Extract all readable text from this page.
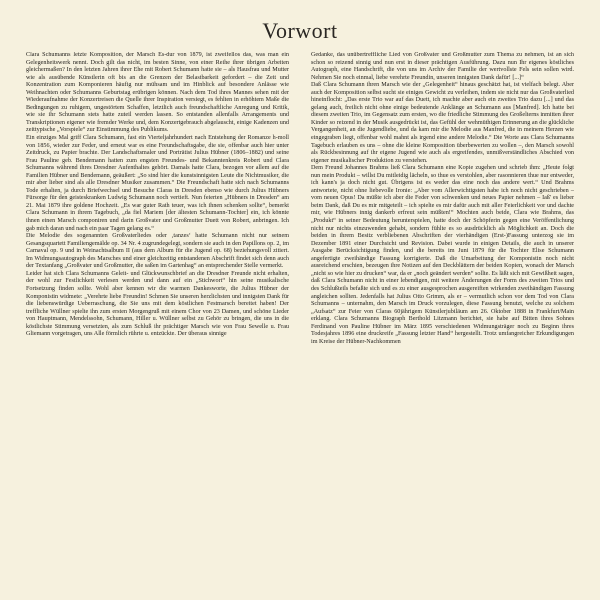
Vorwort

Clara Schumanns letzte Komposition, der Marsch Es-dur von 1879, ist zweifellos das, was man ein Gelegenheitswerk nennt. Doch gilt das nicht, im besten Sinne, von einer Reihe ihrer übrigen Arbeiten gleichermaßen? In den letzten Jahren ihrer Ehe mit Robert Schumann hatte sie – als Hausfrau und Mutter wie als ausübende Künstlerin oft bis an die Grenzen der Belastbarkeit gefordert – die Zeit und Konzentration zum Komponieren häufig nur mühsam und im Hinblick auf besondere Anlässe wie Weihnachten oder Schumanns Geburtstag erübrigen können. Nach dem Tod ihres Mannes sehen mit der Wiederaufnahme der Konzertreisen die Quelle ihrer Inspiration versiegt, es fehlten in erhöhtem Maße die Bedingungen zu ruhigem, ungestörtem Schaffen, letztlich auch freundschaftliche Anregung und Kritik, wie sie ihr Schumann stets hatte zuteil werden lassen. So entstanden allenfalls Arrangements und Transkriptionen eigener wie fremder Werke und, dem Konzertgebrauch abgelauscht, einige Kadenzen und zeittypische „Vorspiele“ zur Einstimmung des Publikums.

Ein einziges Mal griff Clara Schumann, fast ein Vierteljahrhundert nach Entstehung der Romanze h-moll von 1856, wieder zur Feder, und erneut war es eine Freundschaftsgabe, die sie, offenbar auch hier unter Zeitdruck, zu Papier brachte. Der Landschaftsmaler und Porträtist Julius Hübner (1806–1882) und seine Frau Pauline geb. Bendemann hatten zum engsten Freundes- und Bekanntenkreis Robert und Clara Schumanns während ihres Dresdner Aufenthaltes gehört. Damals hatte Clara, bezogen vor allem auf die Familien Hübner und Bendemann, geäußert: „So sind hier die kunstsinnigsten Leute die Nichtmusiker, die mir aber lieber sind als alle Dresdner Musiker zusammen.“ Die Freundschaft hatte sich nach Schumanns Tode erhalten, ja durch Briefwechsel und Besuche Claras in Dresden ebenso wie durch Julius Hübners Fürsorge für den geisteskranken Ludwig Schumann noch vertieft. Nun feierten „Hübners in Dresden“ am 21. Mai 1879 ihre goldene Hochzeit. „Es war guter Rath teuer, was ich ihnen schenken sollte“, bemerkt Clara Schumann in ihrem Tagebuch, „da fiel Mariem [der ältesten Schumann-Tochter] ein, ich könnte ihnen einen Marsch componiren und darin Großvater und Großmutter Duett von Robert, anbringen. Ich gab mich daran und nach ein paar Tagen gelang es.“

Die Melodie des sogenannten Großvaterliedes oder ‚tanzes‘ hatte Schumann nicht nur seinem Gesangsquartett Familiengemälde op. 34 Nr. 4 zugrundegelegt, sondern sie auch in den Papillons op. 2, im Carnaval op. 9 und in Weinachtsalbum II (aus dem Album für die Jugend op. 68) beziehungsvoll zitiert. Im Widmungsautograph des Marsches und einer gleichzeitig entstandenen Abschrift findet sich denn auch der Textanfang „Großvater und Großmutter, die saßen im Gartenhag“ an entsprechender Stelle vermerkt.

Leider hat sich Clara Schumanns Geleit- und Glückwunschbrief an die Dresdner Freunde nicht erhalten, der wohl zur Festlichkeit verlesen werden und dann auf ein „Stichwort“ hin seine musikalische Fortsetzung finden sollte. Wohl aber kennen wir die warmen Dankesworte, die Julius Hübner der Komponistin widmete: „Verehrte liebe Freundin! Schmen Sie unseren herzlichsten und innigsten Dank für die liebenswürdige Ueberraschung, die Sie uns mit dem köstlichen Festmarsch bereitet haben! Der treffliche Wüllner spielte ihn zum ersten Morgengruß mit einem Chor von 23 Damen, und schöne Lieder von Hauptmann, Mendelssohn, Schumann, Hiller u. Wüllner selbst zu Gehör zu bringen, die uns in die köstlichste Stimmung versetzten, als zum Schluß ihr prächtiger Marsch wie von Frau Sewelle u. Frau Gliemann vorgetragen, uns Alle förmlich rührte u. entzückte. Der überaus sinnige

Gedanke, das unübertreffliche Lied von Großvater und Großmutter zum Thema zu nehmen, ist an sich schon so reizend sinnig und nun erst in dieser prächtigen Ausführung. Dazu nun Ihr eigenes köstliches Autograph, eine Handschrift, die von uns im Archiv der Familie der wertvollste Fels sein sollen wird. Nehmen Sie noch einmal, liebe verehrte Freundin, unseren innigsten Dank dafür! [...]“

Daß Clara Schumann ihren Marsch wie der „Gelegenheit“ hinaus geschätzt hat, ist vielfach belegt. Aber auch der Komposition selbst sucht sie einiges Gewicht zu verleihen, indem sie nicht nur das Großvaterlied hineinflocht: „Das erste Trio war auf das Duett, ich machte aber auch ein zweites Trio dazu [...] und das gelang auch, freilich nicht ohne einige bedeutende Anklänge an Schumann aus [Manfred]. Ich hatte bei diesem zweiten Trio, im Gegensatz zum ersten, wo die friedliche Stimmung des Großelterns inmitten ihrer Kinder so reizend in der Musik ausgedrückt ist, das Gefühl der wehmüthigen Erinnerung an die glückliche Vergangenheit, an die Jugendliebe, und da kam mir die Melodie aus Manfred, die in meinem Herzen wie eingegraben liegt, offenbar wohl mahnt als irgend eine andere Melodie.“ Die Worte aus Clara Schumanns Tagebuch erlauben es uns – ohne die kleine Komposition überbewerten zu wollen –, den Marsch sowohl als Rückbesinnung auf ihr eigene Jugend wie auch als ergreifendes, unmißverständliches Abschied von eigener musikalischer Produktion zu verstehen.

Dem Freund Johannes Brahms ließ Clara Schumann eine Kopie zugehen und schrieb ihm: „Heute folgt nun mein Produkt – willst Du mitleidig lächeln, so thue es verstohlen, aber rasonnieren thue nur entweder, ich kann's ja doch nicht gut. Übrigens ist es weder das eine noch das andere wert.“ Und Brahms antwortete, nicht ohne liebevolle Ironie: „Aber vom Allerwichtigsten habe ich noch nicht geschrieben – vom neuen Opus! Da müßte ich aber die Feder von schwenken und neues Papier nehmen – Iaß' es lieber beim Dank, daß Du es mir mitgeteilt – ich spielte es mir dafür auch mit aller Feierlichkeit vor und dachte mir, wie Hübners innig dankerb erfreut sein müßten!“ Mochten auch beide, Clara wie Brahms, das „Produkt“ in seiner Bedeutung herunterspielen, hatte doch der Schöpferin gegen eine Veröffentlichung nicht nur nichts einzuwenden gehabt, sondern fühlte es so ausdrücklich als Möglichkeit an. Doch die beiden in ihrem Besitz verbliebenen Abschriften der vierhändigen (Erst-)Fassung unterzog sie im Dezember 1891 einer Durchsicht und Revision. Dabei wurde in einigen Details, die auch in unserer Ausgabe Berücksichtigung finden, und die bereits im Juni 1879 für die Tochter Elise Schumann angefertigte zweihändige Fassung korrigierte. Daß die Umarbeitung der Komponistin noch nicht ausreichend erschien, bezeugen ihre Notizen auf den Deckblättern der beiden Kopien, wonach der Marsch „nicht so wie hier zu drucken“ war, da er „noch geändert werden“ sollte. Es läßt sich mit Gewißheit sagen, daß Clara Schumann nicht in einer lebendigen, mit weitere Änderungen der Form des zweiten Trios und des Schlußteils befaßte sich und es zu einer ausgesprochen ausgereiften wirkenden zweihändigen Fassung angleichen sollten. Jedenfalls hat Julius Otto Grimm, als er – vermutlich schon vor dem Tod von Clara Schumanns – unternahm, den Marsch im Druck vorzulegen, diese Fassung benutzt, welche zu solchem „Aufsatz“ zur Feier von Claras 60jährigem Künstlerjubiläum am 26. Oktober 1888 in Frankfurt/Main erklang. Clara Schumanns Biograph Berthold Litzmann berichtet, sie habe auf Bitten ihres Sohnes Ferdinand von Pauline Hübner im März 1895 verschiedenen Widmungsträger noch zu Beginn ihres Todesjahres 1896 eine druckreife „Fassung letzter Hand“ hergestellt. Trotz umfangreicher Erkundigungen im Kreise der Hübner-Nachkommen
